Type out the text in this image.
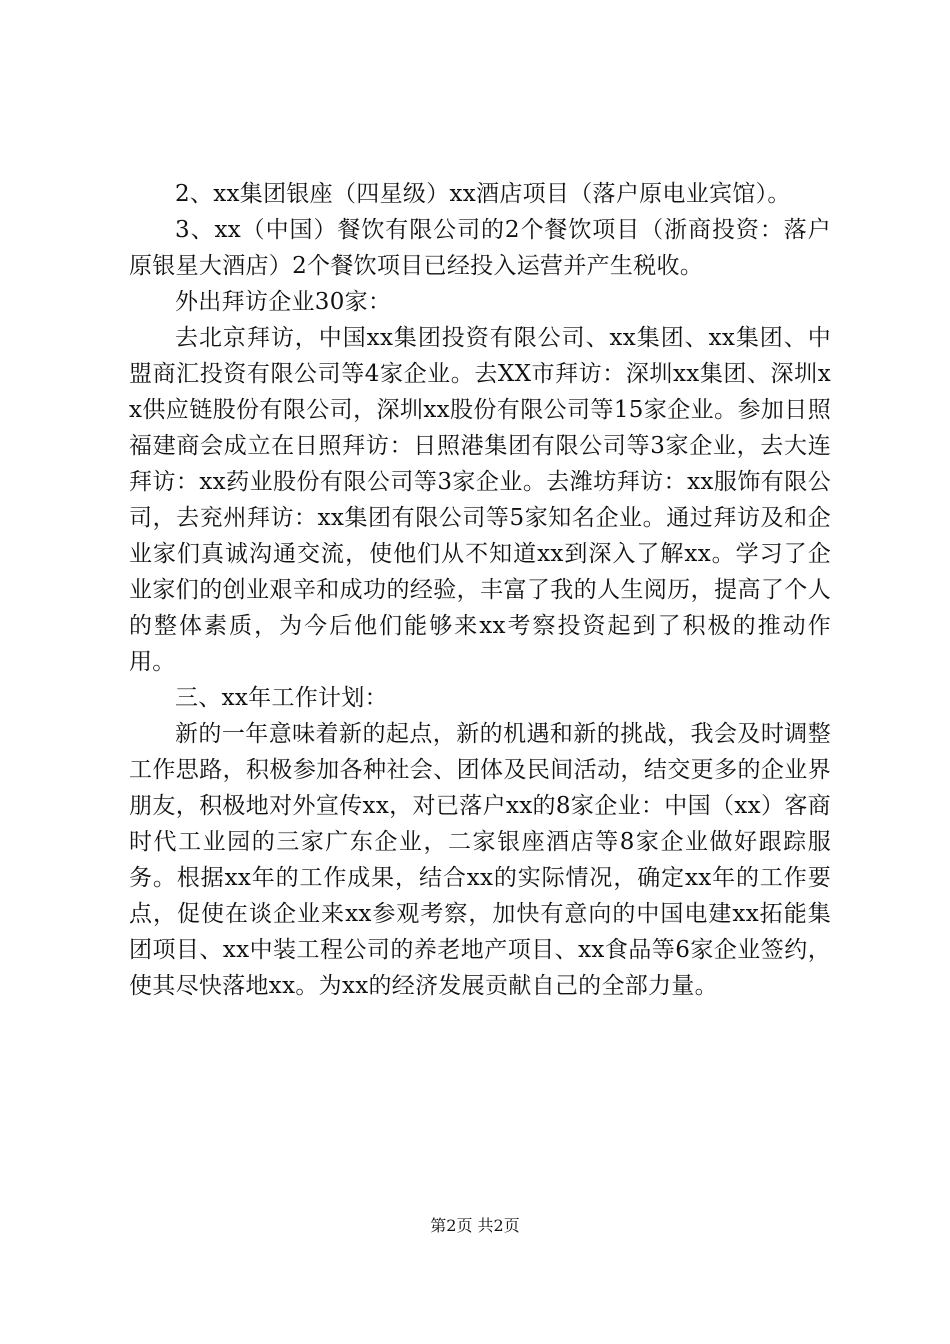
2、xx集团银座（四星级）xx酒店项目（落户原电业宾馆）。

3、xx（中国）餐饮有限公司的2个餐饮项目（浙商投资：落户原银星大酒店）2个餐饮项目已经投入运营并产生税收。

外出拜访企业30家：

去北京拜访，中国xx集团投资有限公司、xx集团、xx集团、中盟商汇投资有限公司等4家企业。去XX市拜访：深圳xx集团、深圳xx供应链股份有限公司，深圳xx股份有限公司等15家企业。参加日照福建商会成立在日照拜访：日照港集团有限公司等3家企业，去大连拜访：xx药业股份有限公司等3家企业。去潍坊拜访：xx服饰有限公司，去兖州拜访：xx集团有限公司等5家知名企业。通过拜访及和企业家们真诚沟通交流，使他们从不知道xx到深入了解xx。学习了企业家们的创业艰辛和成功的经验，丰富了我的人生阅历，提高了个人的整体素质，为今后他们能够来xx考察投资起到了积极的推动作用。

三、xx年工作计划：

新的一年意味着新的起点，新的机遇和新的挑战，我会及时调整工作思路，积极参加各种社会、团体及民间活动，结交更多的企业界朋友，积极地对外宣传xx，对已落户xx的8家企业：中国（xx）客商时代工业园的三家广东企业，二家银座酒店等8家企业做好跟踪服务。根据xx年的工作成果，结合xx的实际情况，确定xx年的工作要点，促使在谈企业来xx参观考察，加快有意向的中国电建xx拓能集团项目、xx中装工程公司的养老地产项目、xx食品等6家企业签约，使其尽快落地xx。为xx的经济发展贡献自己的全部力量。

第2页 共2页
